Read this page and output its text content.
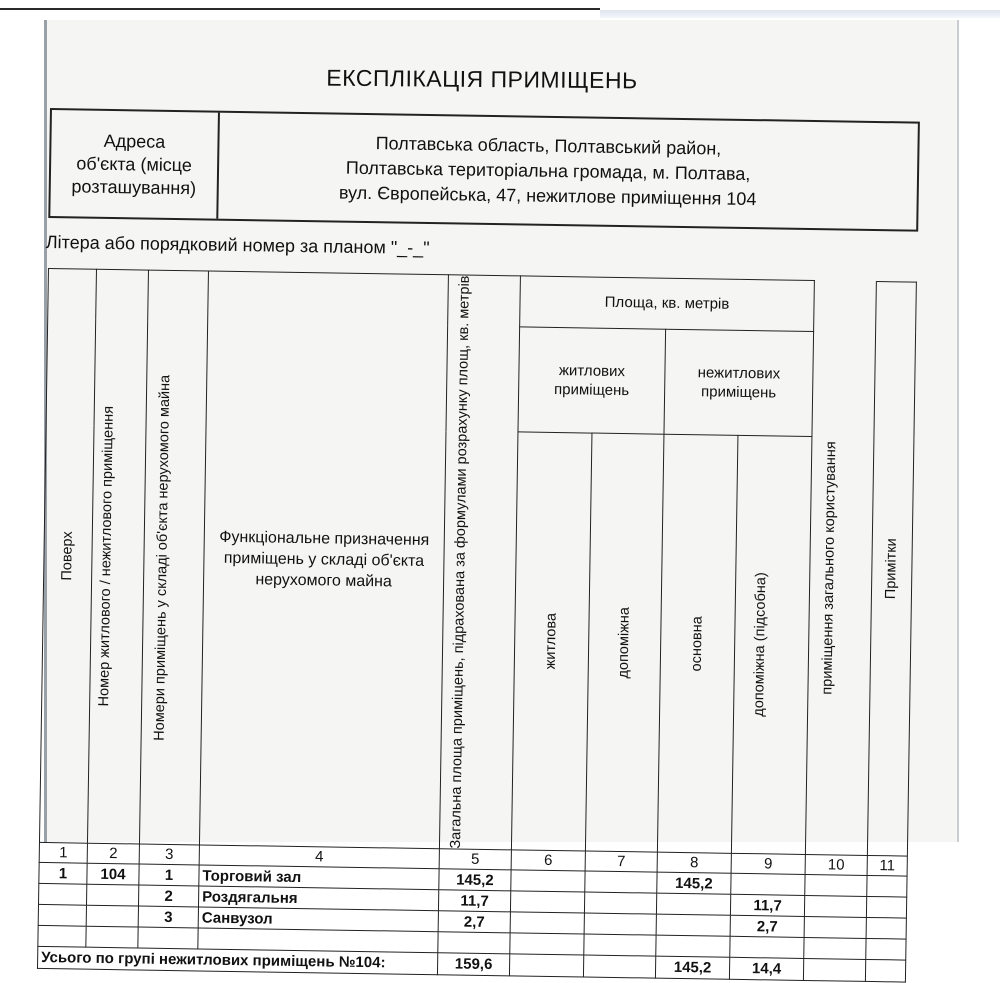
ЕКСПЛІКАЦІЯ ПРИМІЩЕНЬ
Адреса
об'єкта (місце
розташування)
Полтавська область, Полтавський район,
Полтавська територіальна громада, м. Полтава,
вул. Європейська, 47, нежитлове приміщення 104
Літера або порядковий номер за планом "_-_"
Поверх	Номер житлового / нежитлового приміщення	Номери приміщень у складі об'єкта нерухомого майна	Функціональне призначення приміщень у складі об'єкта нерухомого майна	Загальна площа приміщень, підрахована за формулами розрахунку площ, кв. метрів	Площа, кв. метрів				приміщення загального користування	Примітки

					житлових приміщень		нежитлових приміщень			

					житлова	допоміжна	основна	допоміжна (підсобна)		

1	2	3	4	5	6	7	8	9	10	11
1	104	1	Торговий зал	145,2			145,2			
		2	Роздягальня	11,7				11,7		
		3	Санвузол	2,7				2,7		

Усього по групі нежитлових приміщень №104:				159,6			145,2	14,4		
